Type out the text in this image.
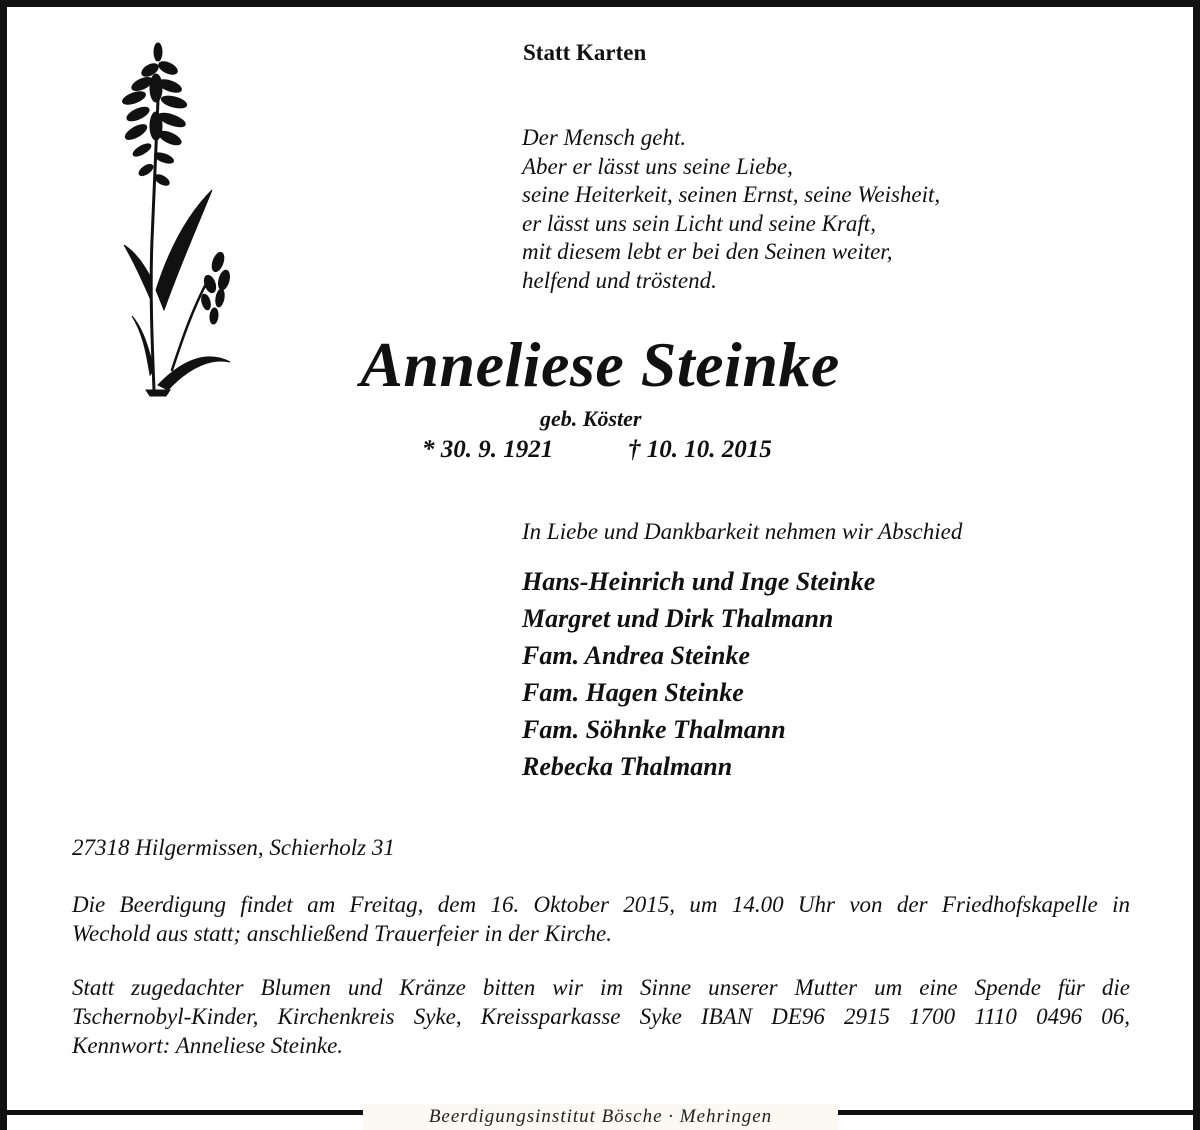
Statt Karten
Der Mensch geht.
Aber er lässt uns seine Liebe,
seine Heiterkeit, seinen Ernst, seine Weisheit,
er lässt uns sein Licht und seine Kraft,
mit diesem lebt er bei den Seinen weiter,
helfend und tröstend.
Anneliese Steinke
geb. Köster
* 30. 9. 1921	† 10. 10. 2015
In Liebe und Dankbarkeit nehmen wir Abschied
Hans-Heinrich und Inge Steinke
Margret und Dirk Thalmann
Fam. Andrea Steinke
Fam. Hagen Steinke
Fam. Söhnke Thalmann
Rebecka Thalmann
27318 Hilgermissen, Schierholz 31
Die Beerdigung findet am Freitag, dem 16. Oktober 2015, um 14.00 Uhr von der Friedhofskapelle in
Wechold aus statt; anschließend Trauerfeier in der Kirche.
Statt zugedachter Blumen und Kränze bitten wir im Sinne unserer Mutter um eine Spende für die
Tschernobyl-Kinder, Kirchenkreis Syke, Kreissparkasse Syke IBAN DE96 2915 1700 1110 0496 06,
Kennwort: Anneliese Steinke.
Beerdigungsinstitut Bösche · Mehringen
